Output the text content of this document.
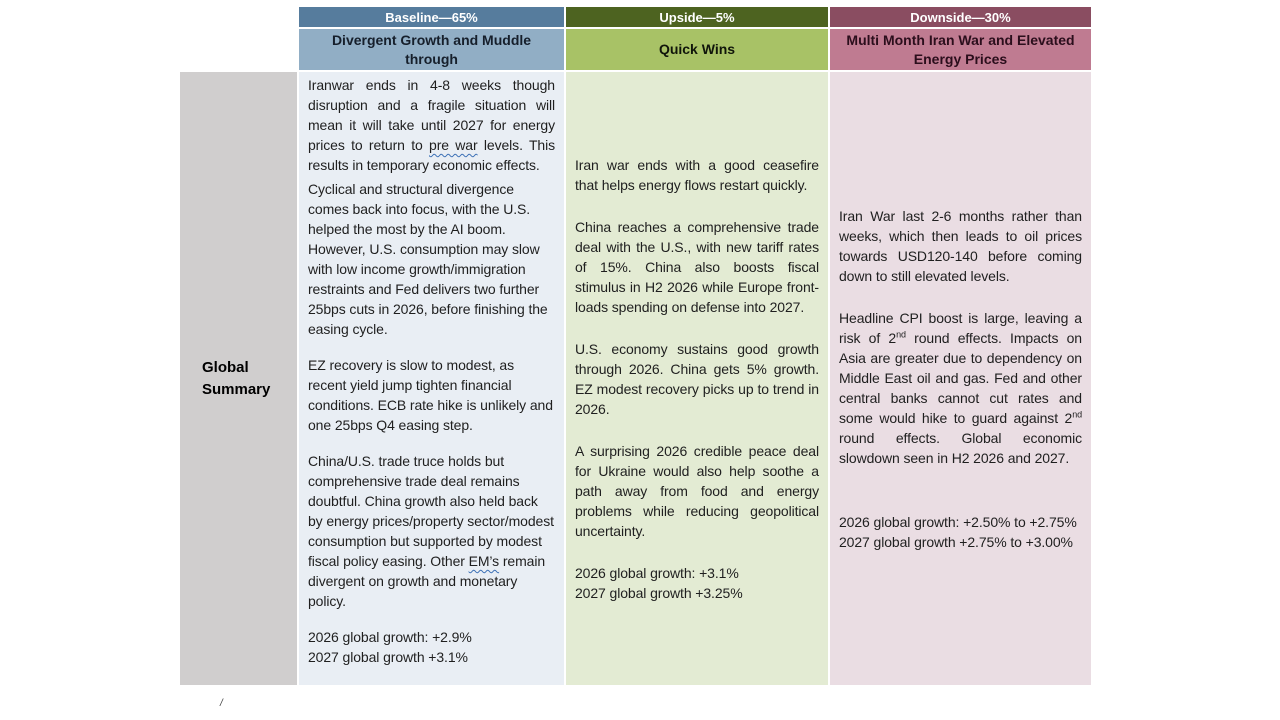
Baseline—65%	Upside—5%	Downside—30%
Divergent Growth and Muddle through
Quick Wins
Multi Month Iran War and Elevated Energy Prices
Global Summary
Iranwar ends in 4-8 weeks though disruption and a fragile situation will mean it will take until 2027 for energy prices to return to pre war levels. This results in temporary economic effects.
Cyclical and structural divergence comes back into focus, with the U.S. helped the most by the AI boom. However, U.S. consumption may slow with low income growth/immigration restraints and Fed delivers two further 25bps cuts in 2026, before finishing the easing cycle.
EZ recovery is slow to modest, as recent yield jump tighten financial conditions. ECB rate hike is unlikely and one 25bps Q4 easing step.
China/U.S. trade truce holds but comprehensive trade deal remains doubtful. China growth also held back by energy prices/property sector/modest consumption but supported by modest fiscal policy easing. Other EM’s remain divergent on growth and monetary policy.
2026 global growth: +2.9%
2027 global growth +3.1%
Iran war ends with a good ceasefire that helps energy flows restart quickly.
China reaches a comprehensive trade deal with the U.S., with new tariff rates of 15%. China also boosts fiscal stimulus in H2 2026 while Europe front-loads spending on defense into 2027.
U.S. economy sustains good growth through 2026. China gets 5% growth. EZ modest recovery picks up to trend in 2026.
A surprising 2026 credible peace deal for Ukraine would also help soothe a path away from food and energy problems while reducing geopolitical uncertainty.
2026 global growth: +3.1%
2027 global growth +3.25%
Iran War last 2-6 months rather than weeks, which then leads to oil prices towards USD120-140 before coming down to still elevated levels.
Headline CPI boost is large, leaving a risk of 2nd round effects. Impacts on Asia are greater due to dependency on Middle East oil and gas. Fed and other central banks cannot cut rates and some would hike to guard against 2nd round effects. Global economic slowdown seen in H2 2026 and 2027.
2026 global growth: +2.50% to +2.75%
2027 global growth +2.75% to +3.00%
/
